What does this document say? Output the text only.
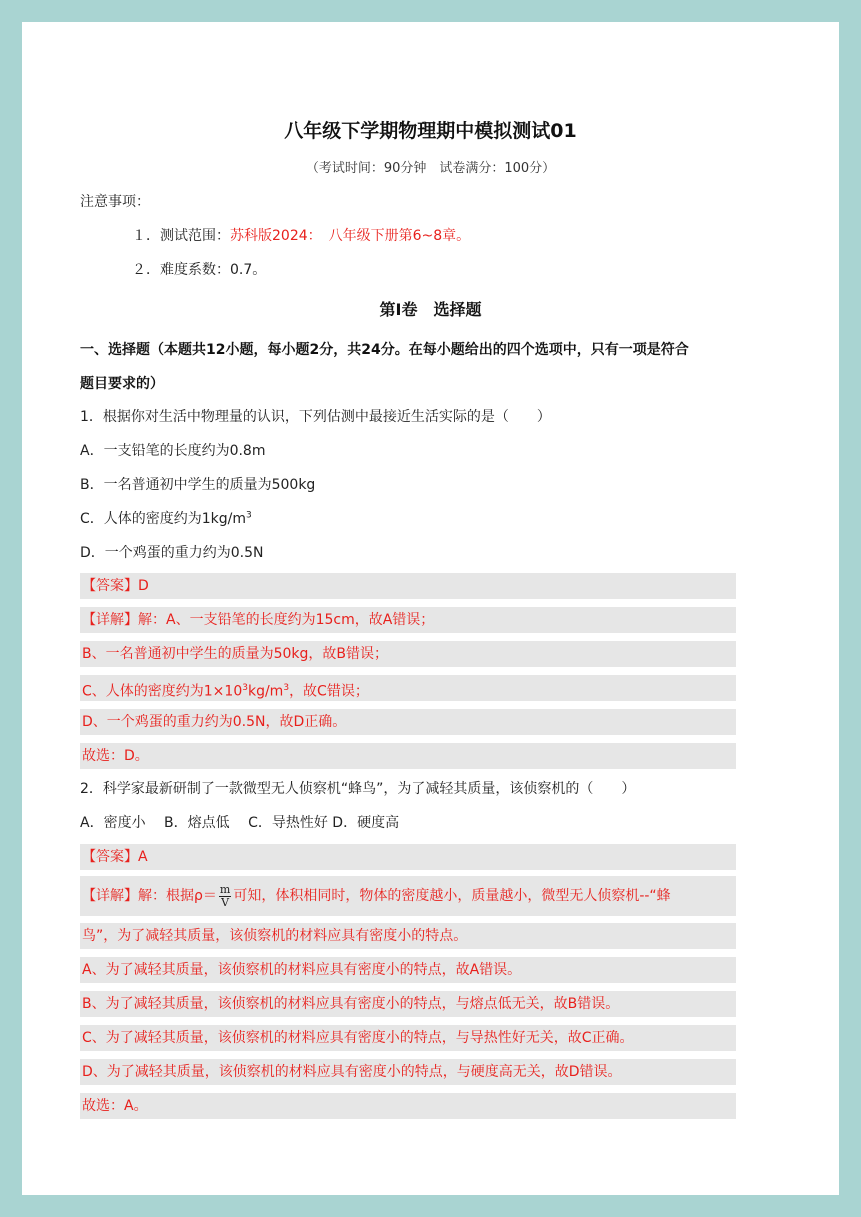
八年级下学期物理期中模拟测试01
（考试时间：90分钟　试卷满分：100分）
注意事项：
１．测试范围：苏科版2024：　八年级下册第6~8章。
２．难度系数：0.7。
第Ⅰ卷　选择题
一、选择题（本题共12小题，每小题2分，共24分。在每小题给出的四个选项中，只有一项是符合
题目要求的）
1．根据你对生活中物理量的认识，下列估测中最接近生活实际的是（　　）
A．一支铅笔的长度约为0.8m
B．一名普通初中学生的质量为500kg
C．人体的密度约为$1kg/m^3$
D．一个鸡蛋的重力约为0.5N
【答案】D
【详解】解：A、一支铅笔的长度约为15cm，故A错误；
B、一名普通初中学生的质量为50kg，故B错误；
C、人体的密度约为$1\times 10^3kg/m^3$，故C错误；
D、一个鸡蛋的重力约为0.5N，故D正确。
故选：D。
2．科学家最新研制了一款微型无人侦察机“蜂鸟”，为了减轻其质量，该侦察机的（　　）
A．密度小　 B．熔点低　 C．导热性好 D．硬度高
【答案】A
【详解】解：根据$\rho= \frac{m}{V}$ 可知，体积相同时，物体的密度越小，质量越小，微型无人侦察机--“蜂
鸟”，为了减轻其质量，该侦察机的材料应具有密度小的特点。
A、为了减轻其质量，该侦察机的材料应具有密度小的特点，故A错误。
B、为了减轻其质量，该侦察机的材料应具有密度小的特点，与熔点低无关，故B错误。
C、为了减轻其质量，该侦察机的材料应具有密度小的特点，与导热性好无关，故C正确。
D、为了减轻其质量，该侦察机的材料应具有密度小的特点，与硬度高无关，故D错误。
故选：A。
